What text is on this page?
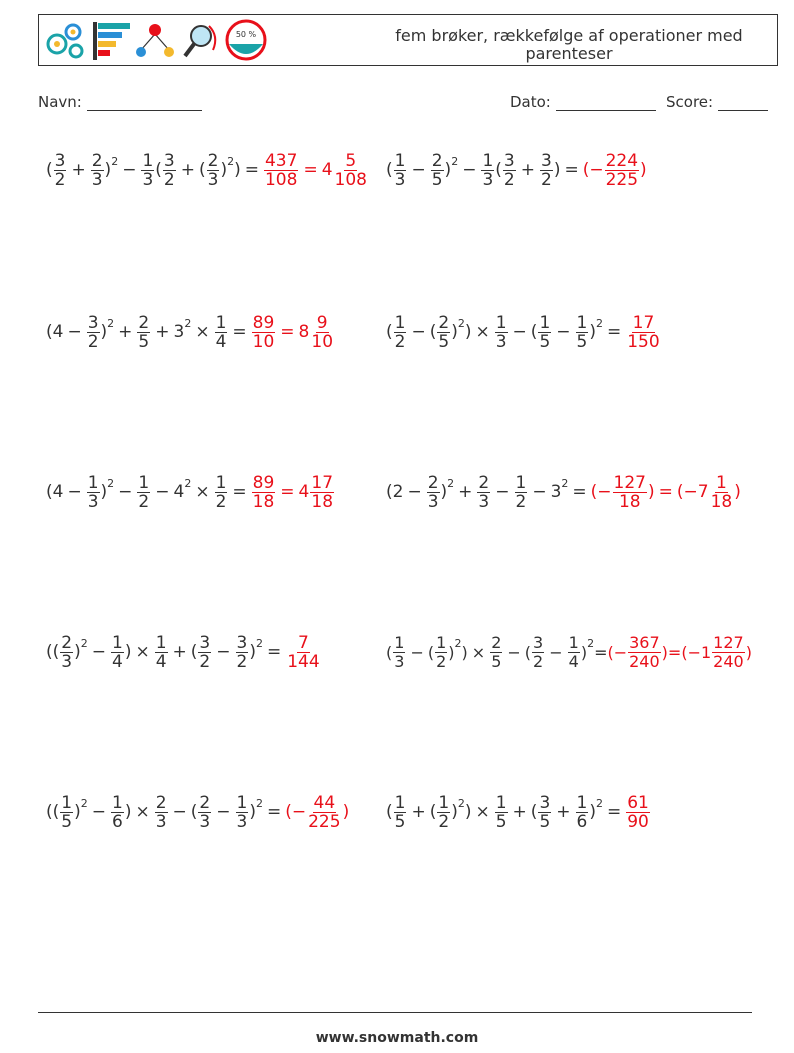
50 %	fem brøker, rækkefølge af operationer med parenteser
Navn:	Dato:	Score:
( $\frac{3}{2} + \frac{2}{3}$ ) $2 - \frac{1}{3}$ ( $\frac{3}{2}$ + ( $\frac{2}{3}$ ) 2 ) = $\frac{437}{108} = 4 \frac{5}{108}$ ( $\frac{1}{3} - \frac{2}{5}$ ) $2 - \frac{1}{3}$ ( $\frac{3}{2} + \frac{3}{2}$ ) = (− $\frac{224}{225}$ )
($4 - \frac{3}{2}$ ) $2 + \frac{2}{5} + 3$ $2 \times \frac{1}{4} = \frac{89}{10} = 8 \frac{9}{10}$	( $\frac{1}{2}$ − ( $\frac{2}{5}$ ) 2 ) × $\frac{1}{3}$ − ( $\frac{1}{5} - \frac{1}{5}$ ) $2 = \frac{17}{150}$
($4 - \frac{1}{3}$ ) $2 - \frac{1}{2} - 4$ $2 \times \frac{1}{2} = \frac{89}{18} = 4 \frac{17}{18}$	($2 - \frac{2}{3}$ ) $2 + \frac{2}{3} - \frac{1}{2} - 3$ 2 = (− $\frac{127}{18}$ ) = ($-7 \frac{1}{18}$ )
(( $\frac{2}{3}$ ) $2 - \frac{1}{4}$ ) × $\frac{1}{4}$ + ( $\frac{3}{2} - \frac{3}{2}$ ) $2 = \frac{7}{144}$	( $\frac{1}{3}$ − ( $\frac{1}{2}$ ) 2 ) × $\frac{2}{5}$ − ( $\frac{3}{2} - \frac{1}{4}$ ) 2 = (− $\frac{367}{240} )=(-1 \frac{127}{240}$ )
(( $\frac{1}{5}$ ) $2 - \frac{1}{6}$ ) × $\frac{2}{3}$ − ( $\frac{2}{3} - \frac{1}{3}$ ) 2 = (− $\frac{44}{225}$ ) ( $\frac{1}{5}$ + ( $\frac{1}{2}$ ) 2 ) × $\frac{1}{5}$ + ( $\frac{3}{5} + \frac{1}{6}$ ) $2 = \frac{61}{90}$
www.snowmath.com
